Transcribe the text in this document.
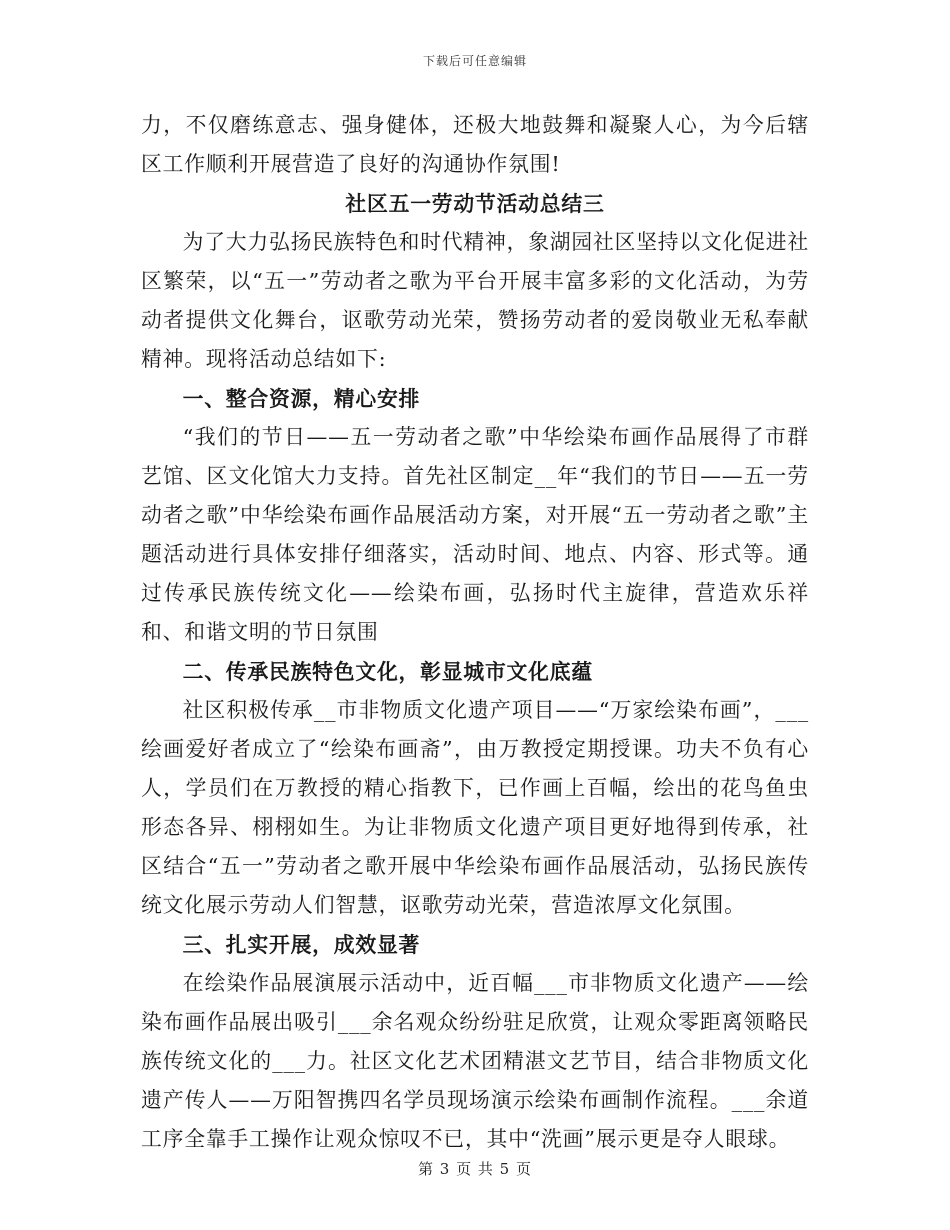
下载后可任意编辑

力，不仅磨练意志、强身健体，还极大地鼓舞和凝聚人心，为今后辖区工作顺利开展营造了良好的沟通协作氛围!

社区五一劳动节活动总结三

为了大力弘扬民族特色和时代精神，象湖园社区坚持以文化促进社区繁荣，以“五一”劳动者之歌为平台开展丰富多彩的文化活动，为劳动者提供文化舞台，讴歌劳动光荣，赞扬劳动者的爱岗敬业无私奉献精神。现将活动总结如下:

一、整合资源，精心安排

“我们的节日——五一劳动者之歌”中华绘染布画作品展得了市群艺馆、区文化馆大力支持。首先社区制定__年“我们的节日——五一劳动者之歌”中华绘染布画作品展活动方案，对开展“五一劳动者之歌”主题活动进行具体安排仔细落实，活动时间、地点、内容、形式等。通过传承民族传统文化——绘染布画，弘扬时代主旋律，营造欢乐祥和、和谐文明的节日氛围

二、传承民族特色文化，彰显城市文化底蕴

社区积极传承__市非物质文化遗产项目——“万家绘染布画”，___绘画爱好者成立了“绘染布画斋”，由万教授定期授课。功夫不负有心人，学员们在万教授的精心指教下，已作画上百幅，绘出的花鸟鱼虫形态各异、栩栩如生。为让非物质文化遗产项目更好地得到传承，社区结合“五一”劳动者之歌开展中华绘染布画作品展活动，弘扬民族传统文化展示劳动人们智慧，讴歌劳动光荣，营造浓厚文化氛围。

三、扎实开展，成效显著

在绘染作品展演展示活动中，近百幅___市非物质文化遗产——绘染布画作品展出吸引___余名观众纷纷驻足欣赏，让观众零距离领略民族传统文化的___力。社区文化艺术团精湛文艺节目，结合非物质文化遗产传人——万阳智携四名学员现场演示绘染布画制作流程。___余道工序全靠手工操作让观众惊叹不已，其中“洗画”展示更是夺人眼球。

第 3 页 共 5 页
